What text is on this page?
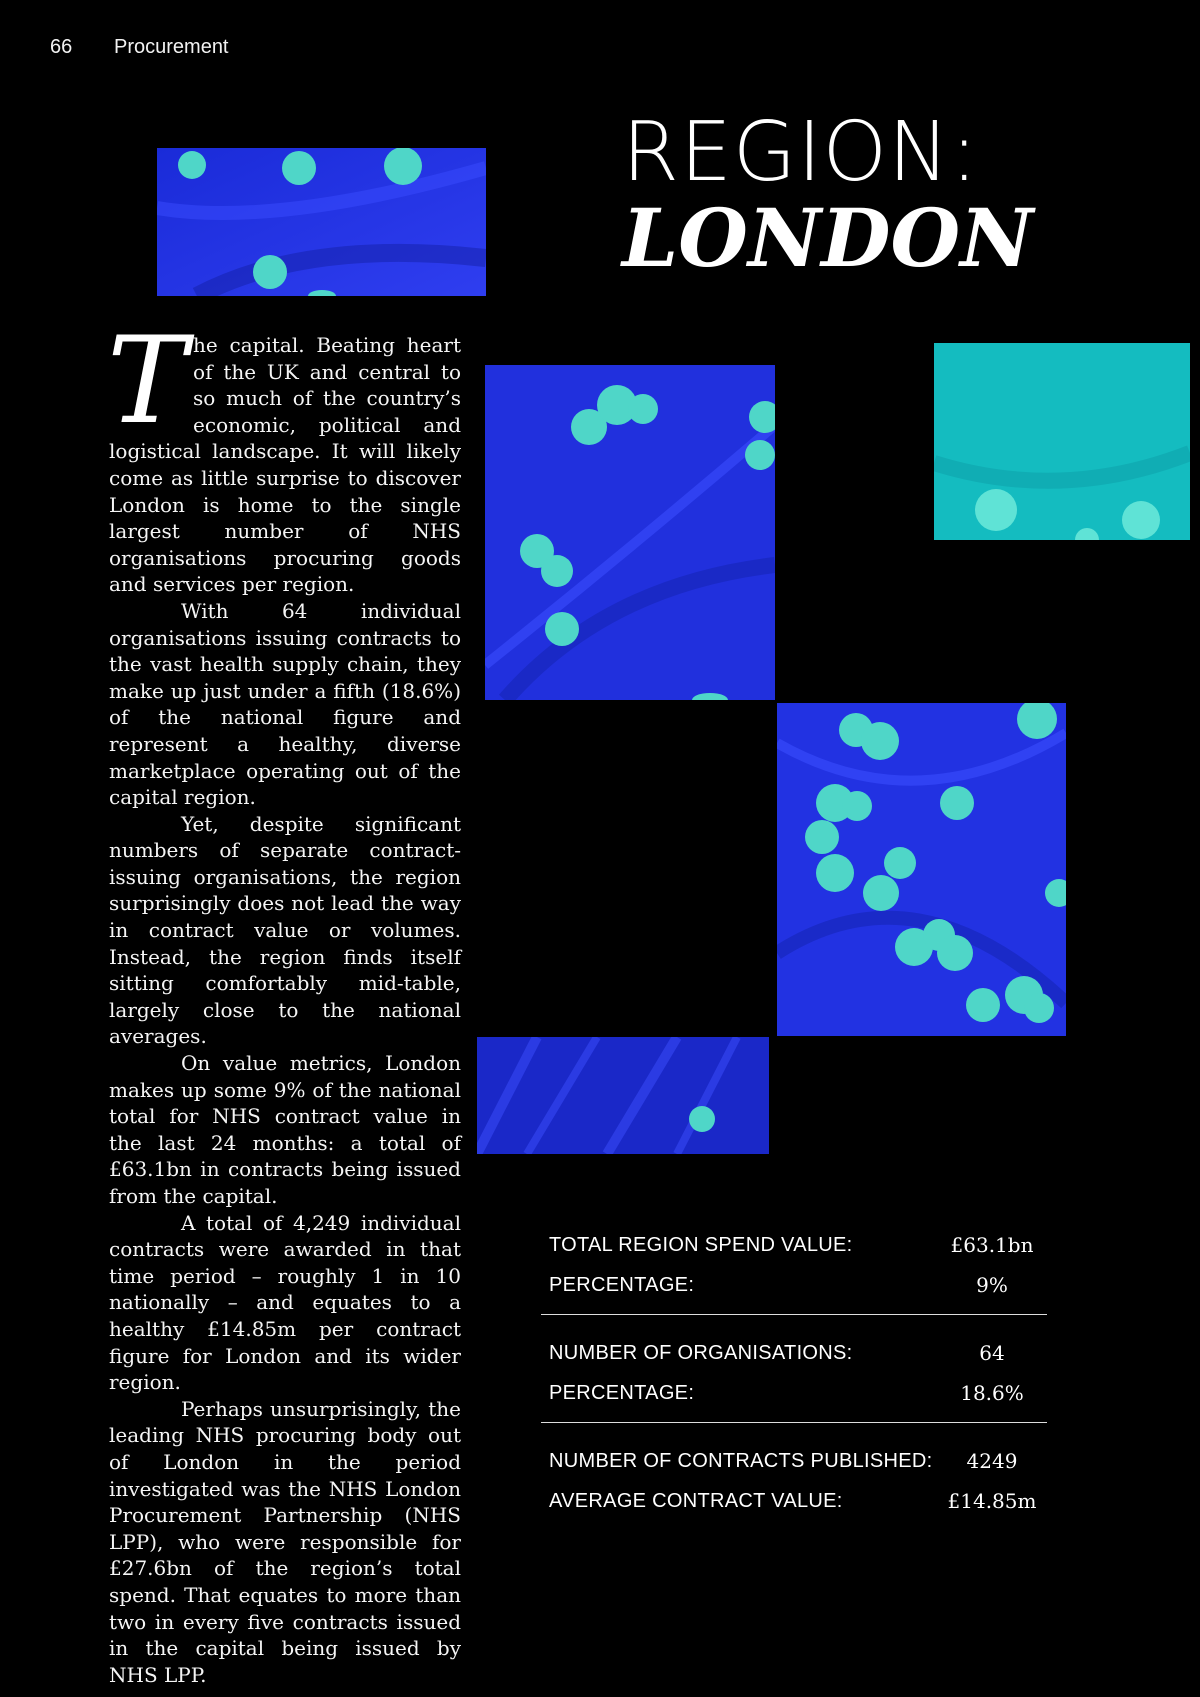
66 Procurement
REGION:
LONDON

The capital. Beating heart of the UK and central to so much of the country’s economic, political and logistical landscape. It will likely come as little surprise to discover London is home to the single largest number of NHS organisations procuring goods and services per region.

With 64 individual organisations issuing contracts to the vast health supply chain, they make up just under a fifth (18.6%) of the national figure and represent a healthy, diverse marketplace operating out of the capital region.

Yet, despite significant numbers of separate contract-issuing organisations, the region surprisingly does not lead the way in contract value or volumes. Instead, the region finds itself sitting comfortably mid-table, largely close to the national averages.

On value metrics, London makes up some 9% of the national total for NHS contract value in the last 24 months: a total of £63.1bn in contracts being issued from the capital.

A total of 4,249 individual contracts were awarded in that time period – roughly 1 in 10 nationally – and equates to a healthy £14.85m per contract figure for London and its wider region.

Perhaps unsurprisingly, the leading NHS procuring body out of London in the period investigated was the NHS London Procurement Partnership (NHS LPP), who were responsible for £27.6bn of the region’s total spend. That equates to more than two in every five contracts issued in the capital being issued by NHS LPP.

TOTAL REGION SPEND VALUE:	£63.1bn
PERCENTAGE:	9%
NUMBER OF ORGANISATIONS:	64
PERCENTAGE:	18.6%
NUMBER OF CONTRACTS PUBLISHED:	4249
AVERAGE CONTRACT VALUE:	£14.85m
